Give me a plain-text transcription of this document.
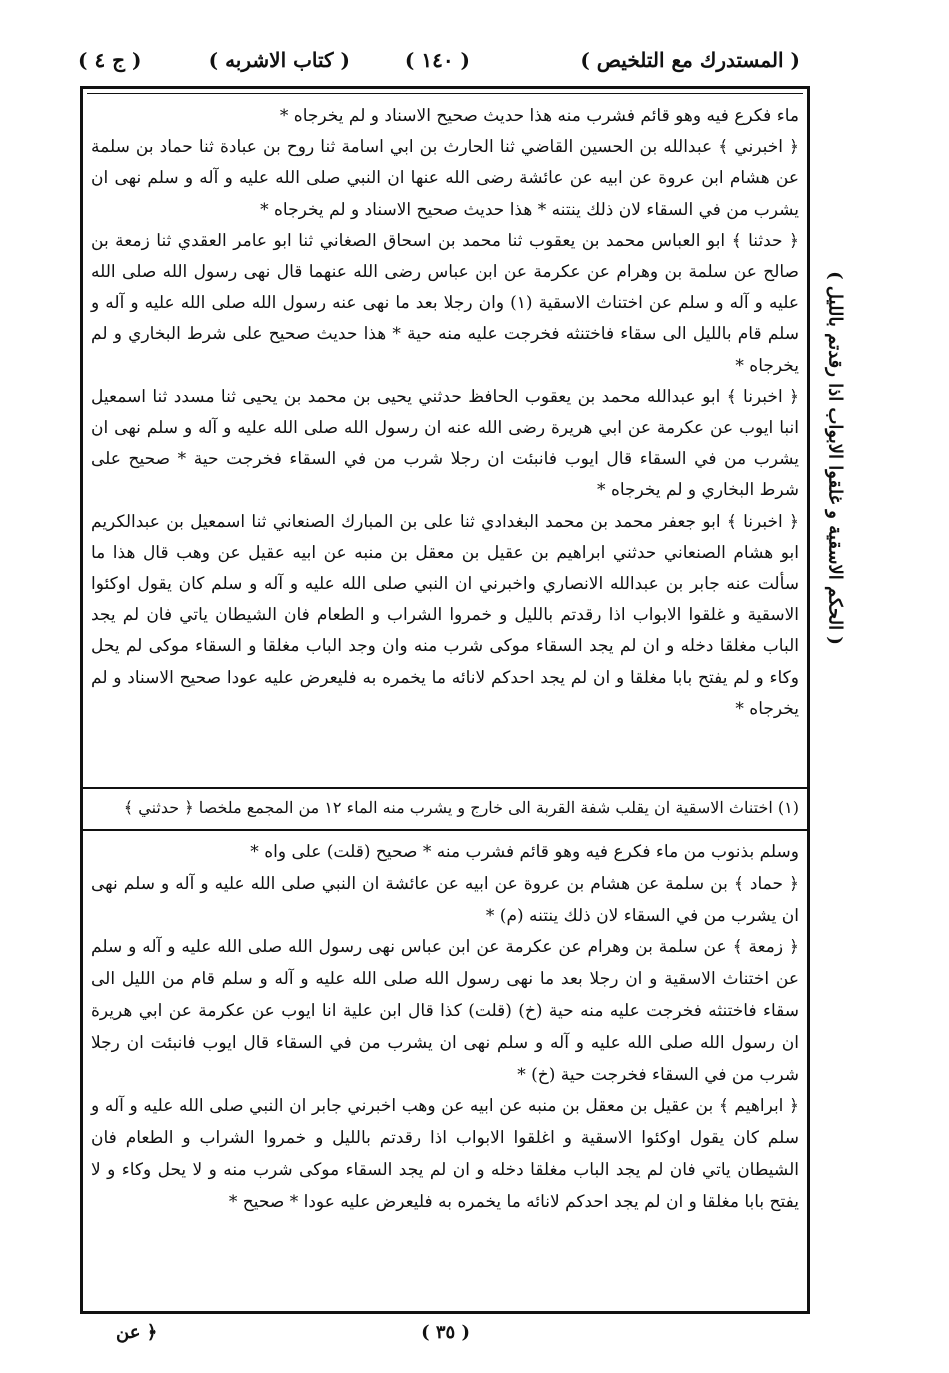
( المستدرك مع التلخيص )
( ١٤٠ )
( كتاب الاشربه )
( ج ٤ )

ماء فكرع فيه وهو قائم فشرب منه هذا حديث صحيح الاسناد و لم يخرجاه *

﴿ اخبرني ﴾ عبدالله بن الحسين القاضي ثنا الحارث بن ابي اسامة ثنا روح بن عبادة ثنا حماد بن سلمة عن هشام ابن عروة عن ابيه عن عائشة رضى الله عنها ان النبي صلى الله عليه و آله و سلم نهى ان يشرب من في السقاء لان ذلك ينتنه * هذا حديث صحيح الاسناد و لم يخرجاه *

﴿ حدثنا ﴾ ابو العباس محمد بن يعقوب ثنا محمد بن اسحاق الصغاني ثنا ابو عامر العقدي ثنا زمعة بن صالح عن سلمة بن وهرام عن عكرمة عن ابن عباس رضى الله عنهما قال نهى رسول الله صلى الله عليه و آله و سلم عن اختناث الاسقية (١) وان رجلا بعد ما نهى عنه رسول الله صلى الله عليه و آله و سلم قام بالليل الى سقاء فاختنثه فخرجت عليه منه حية * هذا حديث صحيح على شرط البخاري و لم يخرجاه *

﴿ اخبرنا ﴾ ابو عبدالله محمد بن يعقوب الحافظ حدثني يحيى بن محمد بن يحيى ثنا مسدد ثنا اسمعيل انبا ايوب عن عكرمة عن ابي هريرة رضى الله عنه ان رسول الله صلى الله عليه و آله و سلم نهى ان يشرب من في السقاء قال ايوب فانبئت ان رجلا شرب من في السقاء فخرجت حية * صحيح على شرط البخاري و لم يخرجاه *

﴿ اخبرنا ﴾ ابو جعفر محمد بن محمد البغدادي ثنا على بن المبارك الصنعاني ثنا اسمعيل بن عبدالكريم ابو هشام الصنعاني حدثني ابراهيم بن عقيل بن معقل بن منبه عن ابيه عقيل عن وهب قال هذا ما سألت عنه جابر بن عبدالله الانصاري واخبرني ان النبي صلى الله عليه و آله و سلم كان يقول اوكئوا الاسقية و غلقوا الابواب اذا رقدتم بالليل و خمروا الشراب و الطعام فان الشيطان ياتي فان لم يجد الباب مغلقا دخله و ان لم يجد السقاء موكى شرب منه وان وجد الباب مغلقا و السقاء موكى لم يحل وكاء و لم يفتح بابا مغلقا و ان لم يجد احدكم لانائه ما يخمره به فليعرض عليه عودا صحيح الاسناد و لم يخرجاه *

(١) اختناث الاسقية ان يقلب شفة القربة الى خارج و يشرب منه الماء ١٢ من المجمع ملخصا ﴿ حدثني ﴾

وسلم بذنوب من ماء فكرع فيه وهو قائم فشرب منه * صحيح (قلت) على واه *

﴿ حماد ﴾ بن سلمة عن هشام بن عروة عن ابيه عن عائشة ان النبي صلى الله عليه و آله و سلم نهى ان يشرب من في السقاء لان ذلك ينتنه (م) *

﴿ زمعة ﴾ عن سلمة بن وهرام عن عكرمة عن ابن عباس نهى رسول الله صلى الله عليه و آله و سلم عن اختناث الاسقية و ان رجلا بعد ما نهى رسول الله صلى الله عليه و آله و سلم قام من الليل الى سقاء فاختنثه فخرجت عليه منه حية (خ) (قلت) كذا قال ابن علية انا ايوب عن عكرمة عن ابي هريرة ان رسول الله صلى الله عليه و آله و سلم نهى ان يشرب من في السقاء قال ايوب فانبئت ان رجلا شرب من في السقاء فخرجت حية (خ) *

﴿ ابراهيم ﴾ بن عقيل بن معقل بن منبه عن ابيه عن وهب اخبرني جابر ان النبي صلى الله عليه و آله و سلم كان يقول اوكئوا الاسقية و اغلقوا الابواب اذا رقدتم بالليل و خمروا الشراب و الطعام فان الشيطان ياتي فان لم يجد الباب مغلقا دخله و ان لم يجد السقاء موكى شرب منه و لا يحل وكاء و لا يفتح بابا مغلقا و ان لم يجد احدكم لانائه ما يخمره به فليعرض عليه عودا * صحيح *

( الحكم الاسقية و غلقوا الابواب اذا رقدتم بالليل )
( ٣٥ )
﴿ عن
